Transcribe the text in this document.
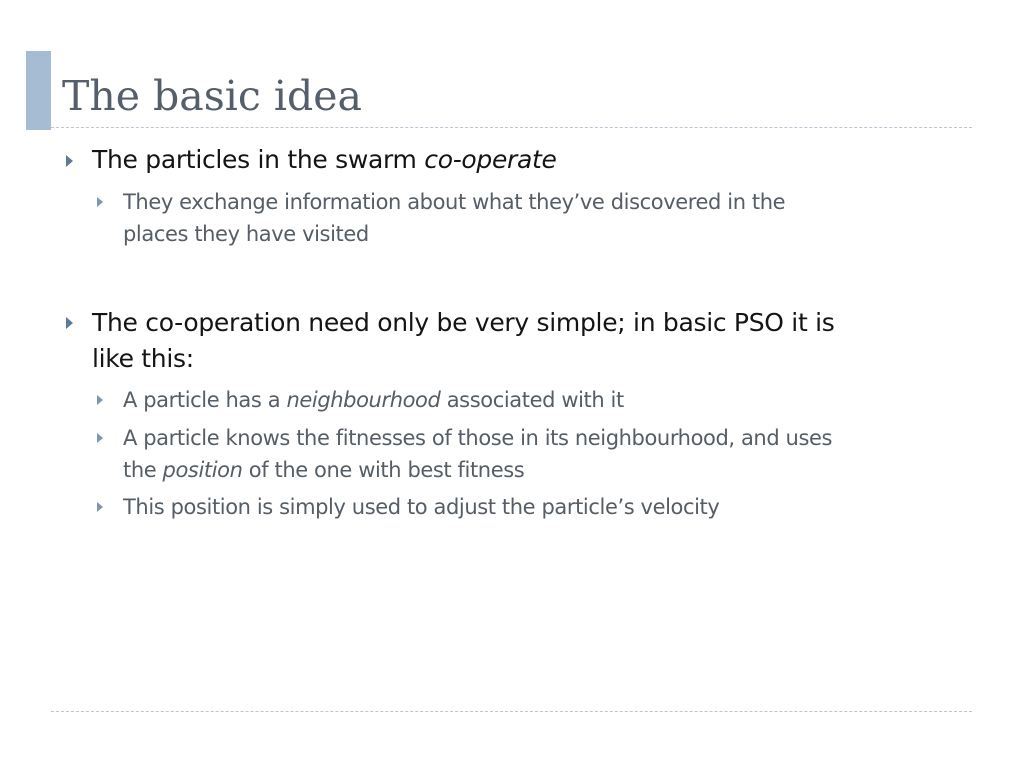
The basic idea
The particles in the swarm co-operate
They exchange information about what they’ve discovered in the
places they have visited
The co-operation need only be very simple; in basic PSO it is
like this:
A particle has a neighbourhood associated with it
A particle knows the fitnesses of those in its neighbourhood, and uses
the position of the one with best fitness
This position is simply used to adjust the particle’s velocity
